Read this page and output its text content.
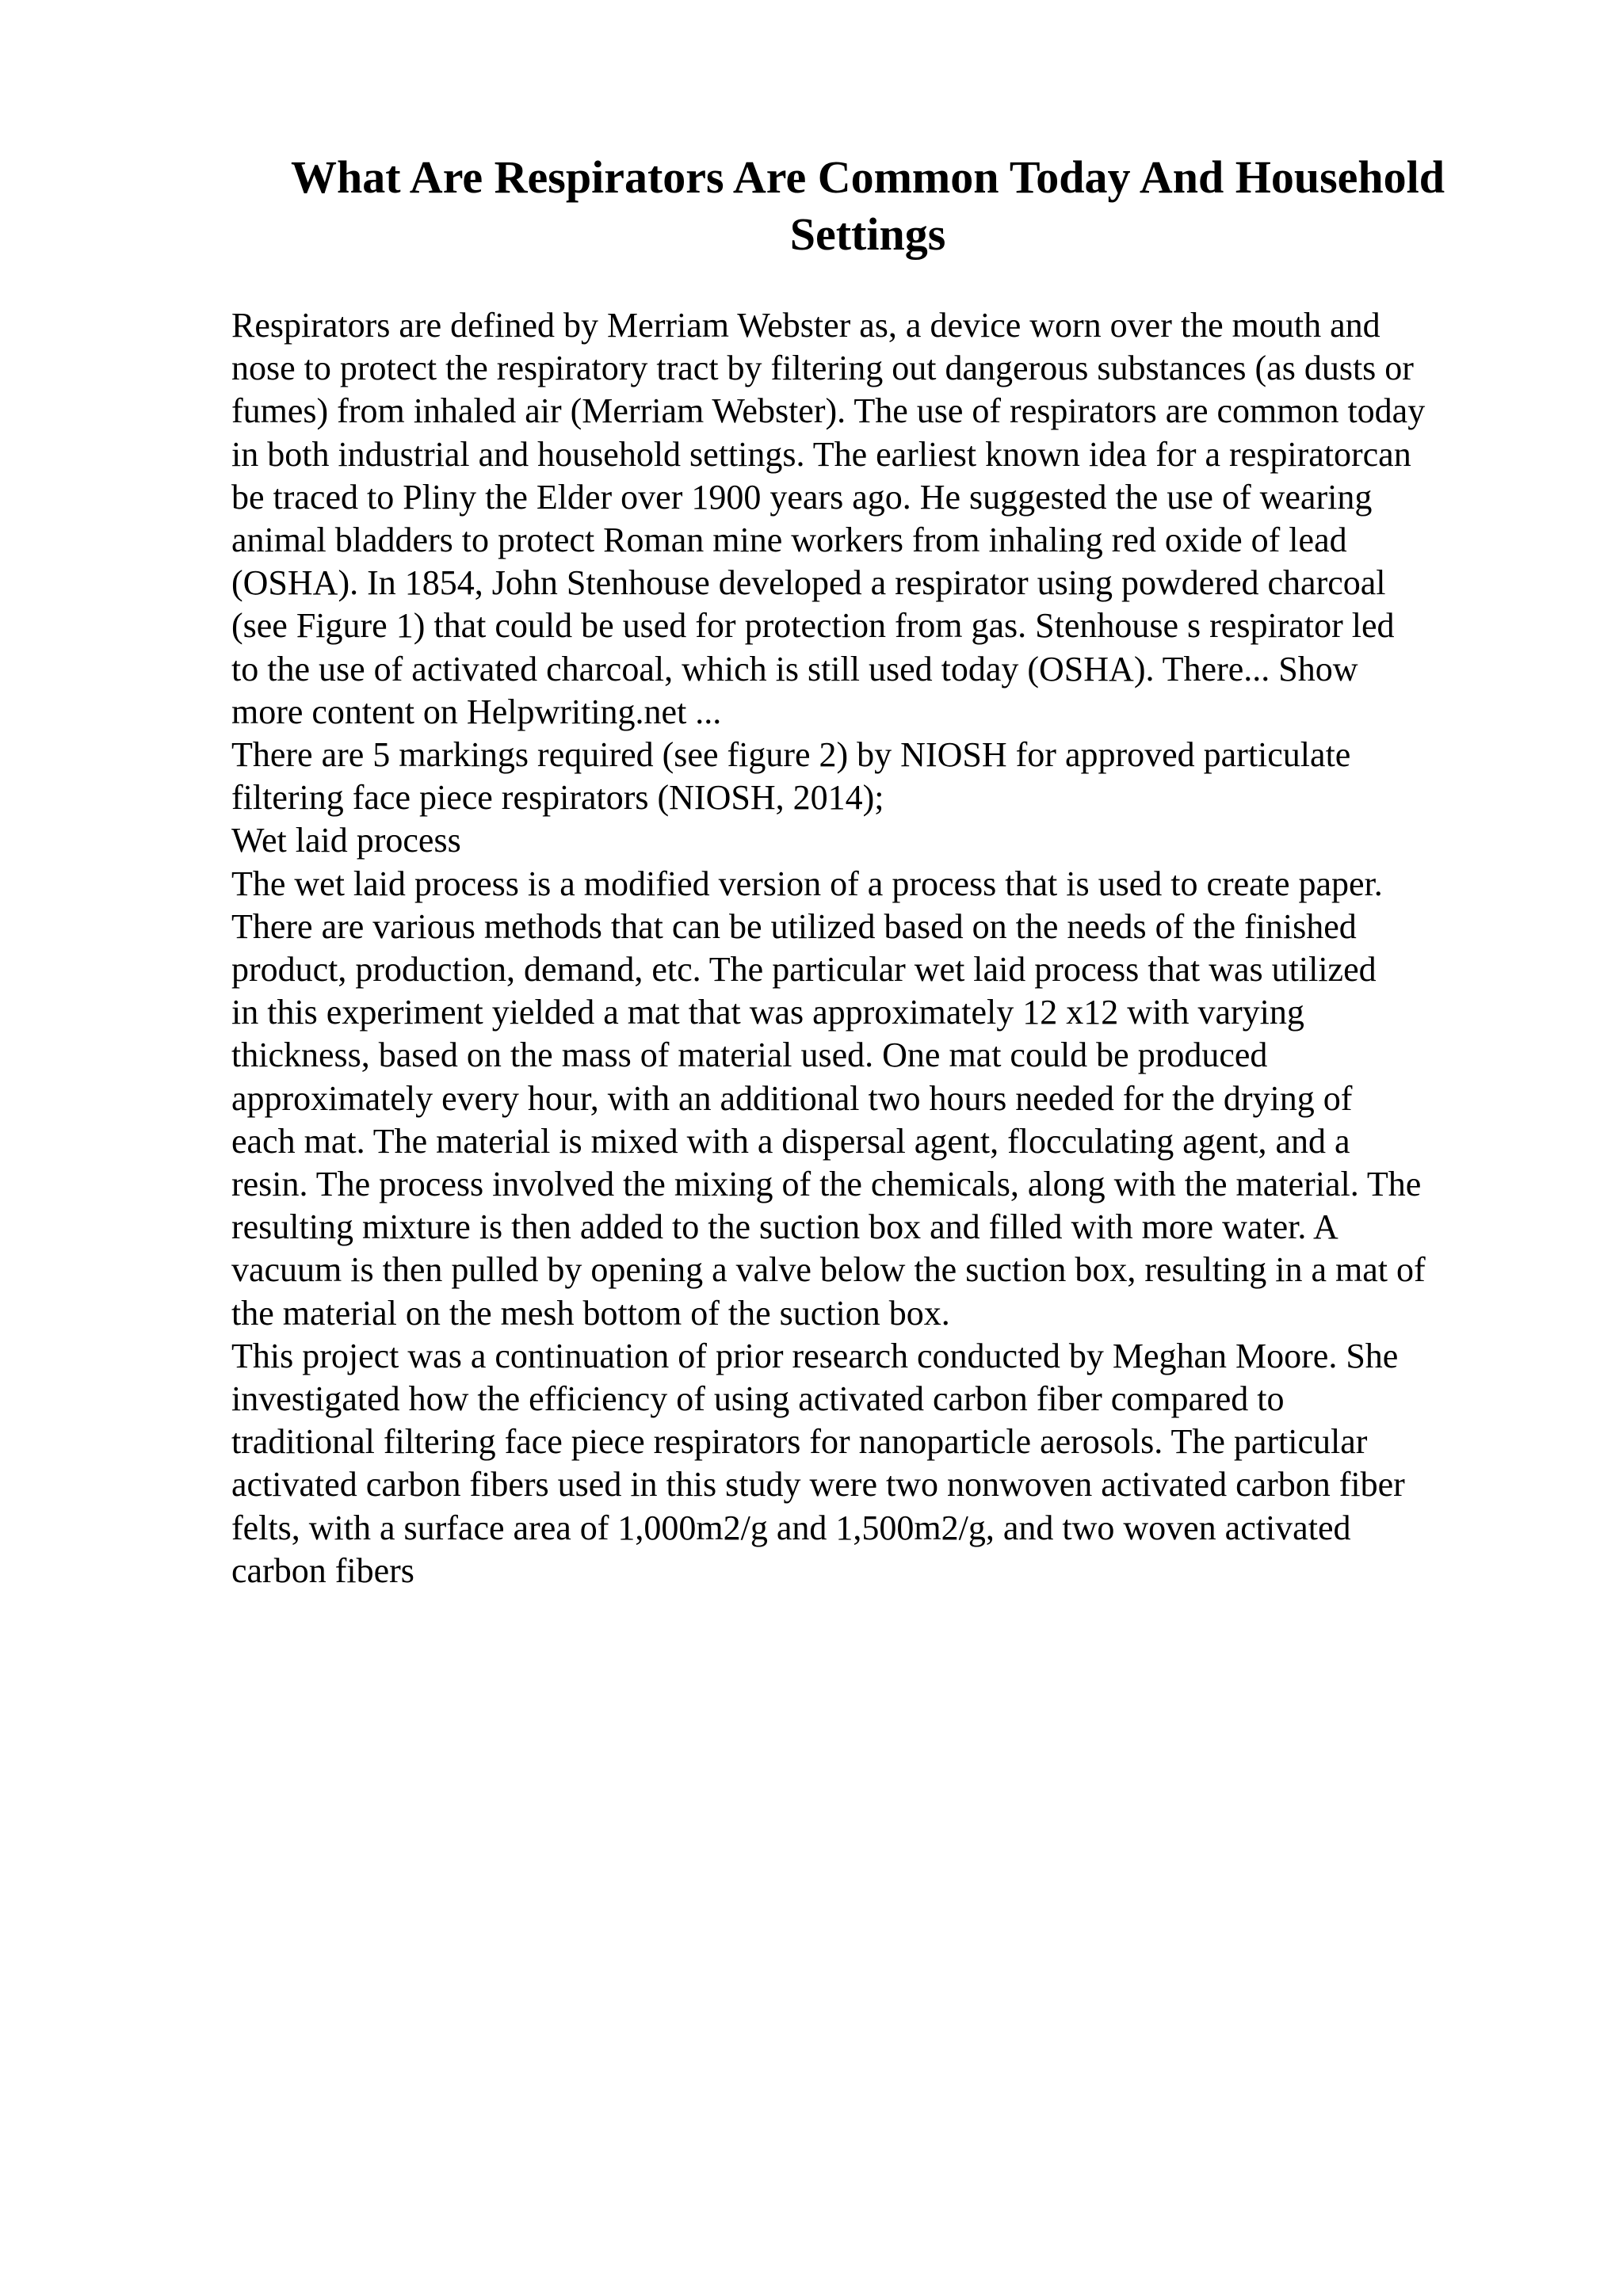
What Are Respirators Are Common Today And Household Settings
Respirators are defined by Merriam Webster as, a device worn over the mouth and
nose to protect the respiratory tract by filtering out dangerous substances (as dusts or
fumes) from inhaled air (Merriam Webster). The use of respirators are common today
in both industrial and household settings. The earliest known idea for a respiratorcan
be traced to Pliny the Elder over 1900 years ago. He suggested the use of wearing
animal bladders to protect Roman mine workers from inhaling red oxide of lead
(OSHA). In 1854, John Stenhouse developed a respirator using powdered charcoal
(see Figure 1) that could be used for protection from gas. Stenhouse s respirator led
to the use of activated charcoal, which is still used today (OSHA). There... Show
more content on Helpwriting.net ...
There are 5 markings required (see figure 2) by NIOSH for approved particulate
filtering face piece respirators (NIOSH, 2014);
Wet laid process
The wet laid process is a modified version of a process that is used to create paper.
There are various methods that can be utilized based on the needs of the finished
product, production, demand, etc. The particular wet laid process that was utilized
in this experiment yielded a mat that was approximately 12 x12 with varying
thickness, based on the mass of material used. One mat could be produced
approximately every hour, with an additional two hours needed for the drying of
each mat. The material is mixed with a dispersal agent, flocculating agent, and a
resin. The process involved the mixing of the chemicals, along with the material. The
resulting mixture is then added to the suction box and filled with more water. A
vacuum is then pulled by opening a valve below the suction box, resulting in a mat of
the material on the mesh bottom of the suction box.
This project was a continuation of prior research conducted by Meghan Moore. She
investigated how the efficiency of using activated carbon fiber compared to
traditional filtering face piece respirators for nanoparticle aerosols. The particular
activated carbon fibers used in this study were two nonwoven activated carbon fiber
felts, with a surface area of 1,000m2/g and 1,500m2/g, and two woven activated
carbon fibers
